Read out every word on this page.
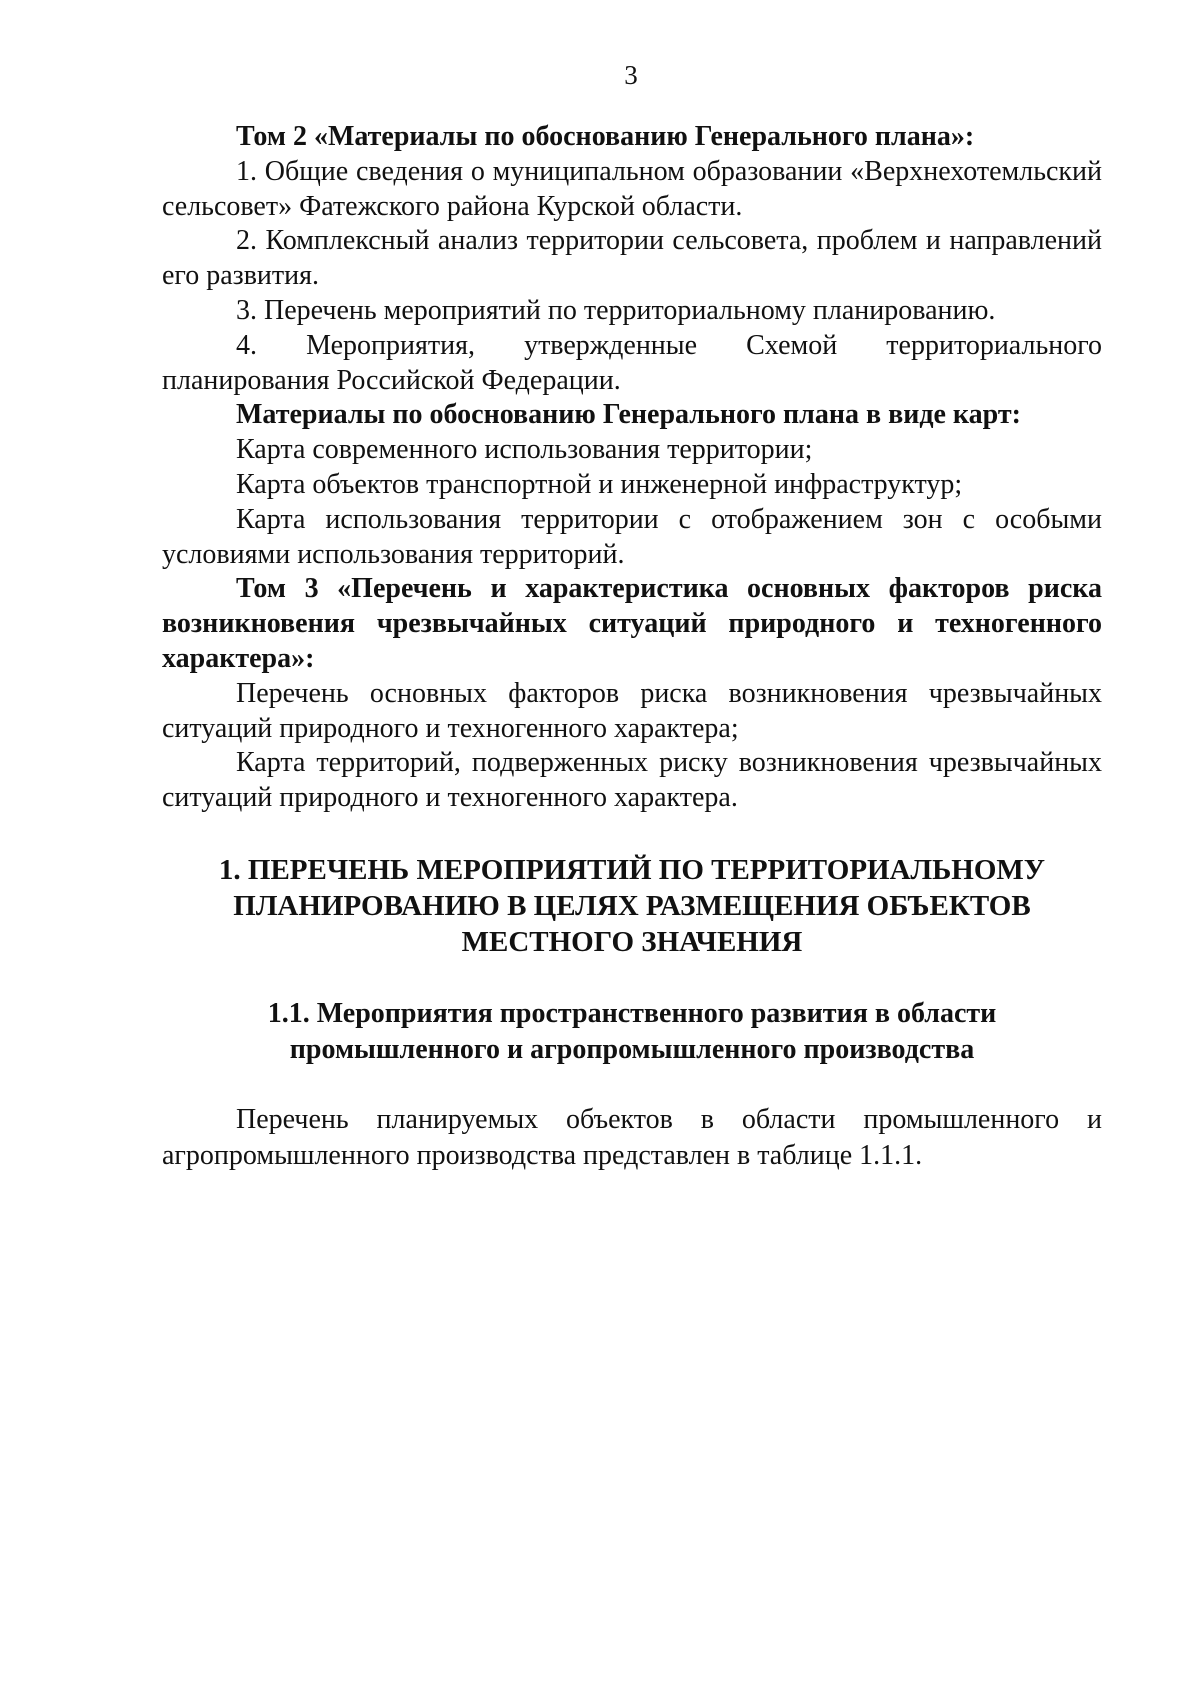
3

Том 2 «Материалы по обоснованию Генерального плана»:

1. Общие сведения о муниципальном образовании «Верхнехотемльский сельсовет» Фатежского района Курской области.

2. Комплексный анализ территории сельсовета, проблем и направлений его развития.

3. Перечень мероприятий по территориальному планированию.

4. Мероприятия, утвержденные Схемой территориального планирования Российской Федерации.

Материалы по обоснованию Генерального плана в виде карт:

Карта современного использования территории;

Карта объектов транспортной и инженерной инфраструктур;

Карта использования территории с отображением зон с особыми условиями использования территорий.

Том 3 «Перечень и характеристика основных факторов риска возникновения чрезвычайных ситуаций природного и техногенного характера»:

Перечень основных факторов риска возникновения чрезвычайных ситуаций природного и техногенного характера;

Карта территорий, подверженных риску возникновения чрезвычайных ситуаций природного и техногенного характера.

1. ПЕРЕЧЕНЬ МЕРОПРИЯТИЙ ПО ТЕРРИТОРИАЛЬНОМУ
ПЛАНИРОВАНИЮ В ЦЕЛЯХ РАЗМЕЩЕНИЯ ОБЪЕКТОВ
МЕСТНОГО ЗНАЧЕНИЯ
1.1. Мероприятия пространственного развития в области
промышленного и агропромышленного производства

Перечень планируемых объектов в области промышленного и агропромышленного производства представлен в таблице 1.1.1.
